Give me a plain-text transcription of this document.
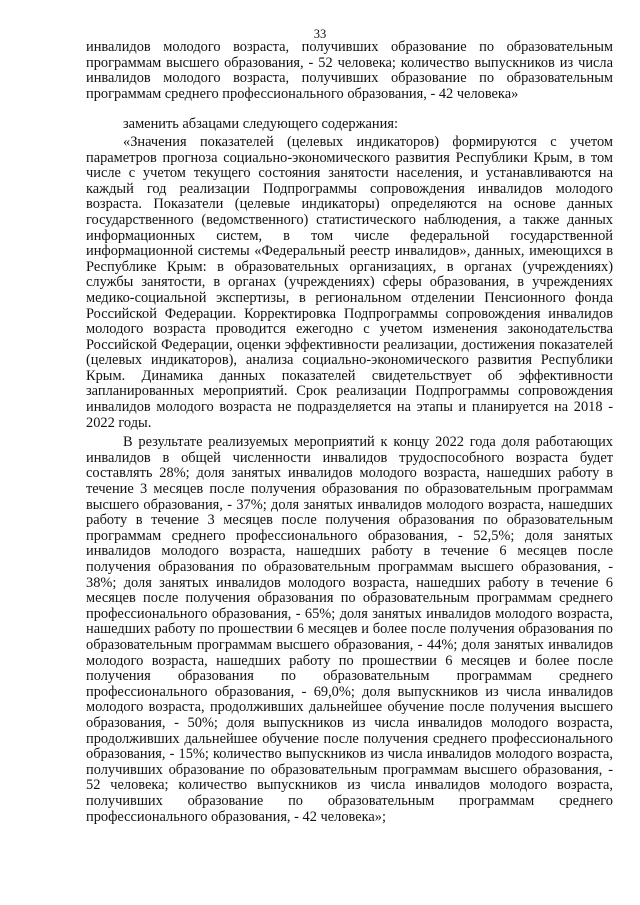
33

инвалидов молодого возраста, получивших образование по образовательным программам высшего образования, - 52 человека; количество выпускников из числа инвалидов молодого возраста, получивших образование по образовательным программам среднего профессионального образования, - 42 человека»

заменить абзацами следующего содержания:

«Значения показателей (целевых индикаторов) формируются с учетом параметров прогноза социально-экономического развития Республики Крым, в том числе с учетом текущего состояния занятости населения, и устанавливаются на каждый год реализации Подпрограммы сопровождения инвалидов молодого возраста. Показатели (целевые индикаторы) определяются на основе данных государственного (ведомственного) статистического наблюдения, а также данных информационных систем, в том числе федеральной государственной информационной системы «Федеральный реестр инвалидов», данных, имеющихся в Республике Крым: в образовательных организациях, в органах (учреждениях) службы занятости, в органах (учреждениях) сферы образования, в учреждениях медико-социальной экспертизы, в региональном отделении Пенсионного фонда Российской Федерации. Корректировка Подпрограммы сопровождения инвалидов молодого возраста проводится ежегодно с учетом изменения законодательства Российской Федерации, оценки эффективности реализации, достижения показателей (целевых индикаторов), анализа социально-экономического развития Республики Крым. Динамика данных показателей свидетельствует об эффективности запланированных мероприятий. Срок реализации Подпрограммы сопровождения инвалидов молодого возраста не подразделяется на этапы и планируется на 2018 - 2022 годы.

В результате реализуемых мероприятий к концу 2022 года доля работающих инвалидов в общей численности инвалидов трудоспособного возраста будет составлять 28%; доля занятых инвалидов молодого возраста, нашедших работу в течение 3 месяцев после получения образования по образовательным программам высшего образования, - 37%; доля занятых инвалидов молодого возраста, нашедших работу в течение 3 месяцев после получения образования по образовательным программам среднего профессионального образования, - 52,5%; доля занятых инвалидов молодого возраста, нашедших работу в течение 6 месяцев после получения образования по образовательным программам высшего образования, - 38%; доля занятых инвалидов молодого возраста, нашедших работу в течение 6 месяцев после получения образования по образовательным программам среднего профессионального образования, - 65%; доля занятых инвалидов молодого возраста, нашедших работу по прошествии 6 месяцев и более после получения образования по образовательным программам высшего образования, - 44%; доля занятых инвалидов молодого возраста, нашедших работу по прошествии 6 месяцев и более после получения образования по образовательным программам среднего профессионального образования, - 69,0%; доля выпускников из числа инвалидов молодого возраста, продолживших дальнейшее обучение после получения высшего образования, - 50%; доля выпускников из числа инвалидов молодого возраста, продолживших дальнейшее обучение после получения среднего профессионального образования, - 15%; количество выпускников из числа инвалидов молодого возраста, получивших образование по образовательным программам высшего образования, - 52 человека; количество выпускников из числа инвалидов молодого возраста, получивших образование по образовательным программам среднего профессионального образования, - 42 человека»;
